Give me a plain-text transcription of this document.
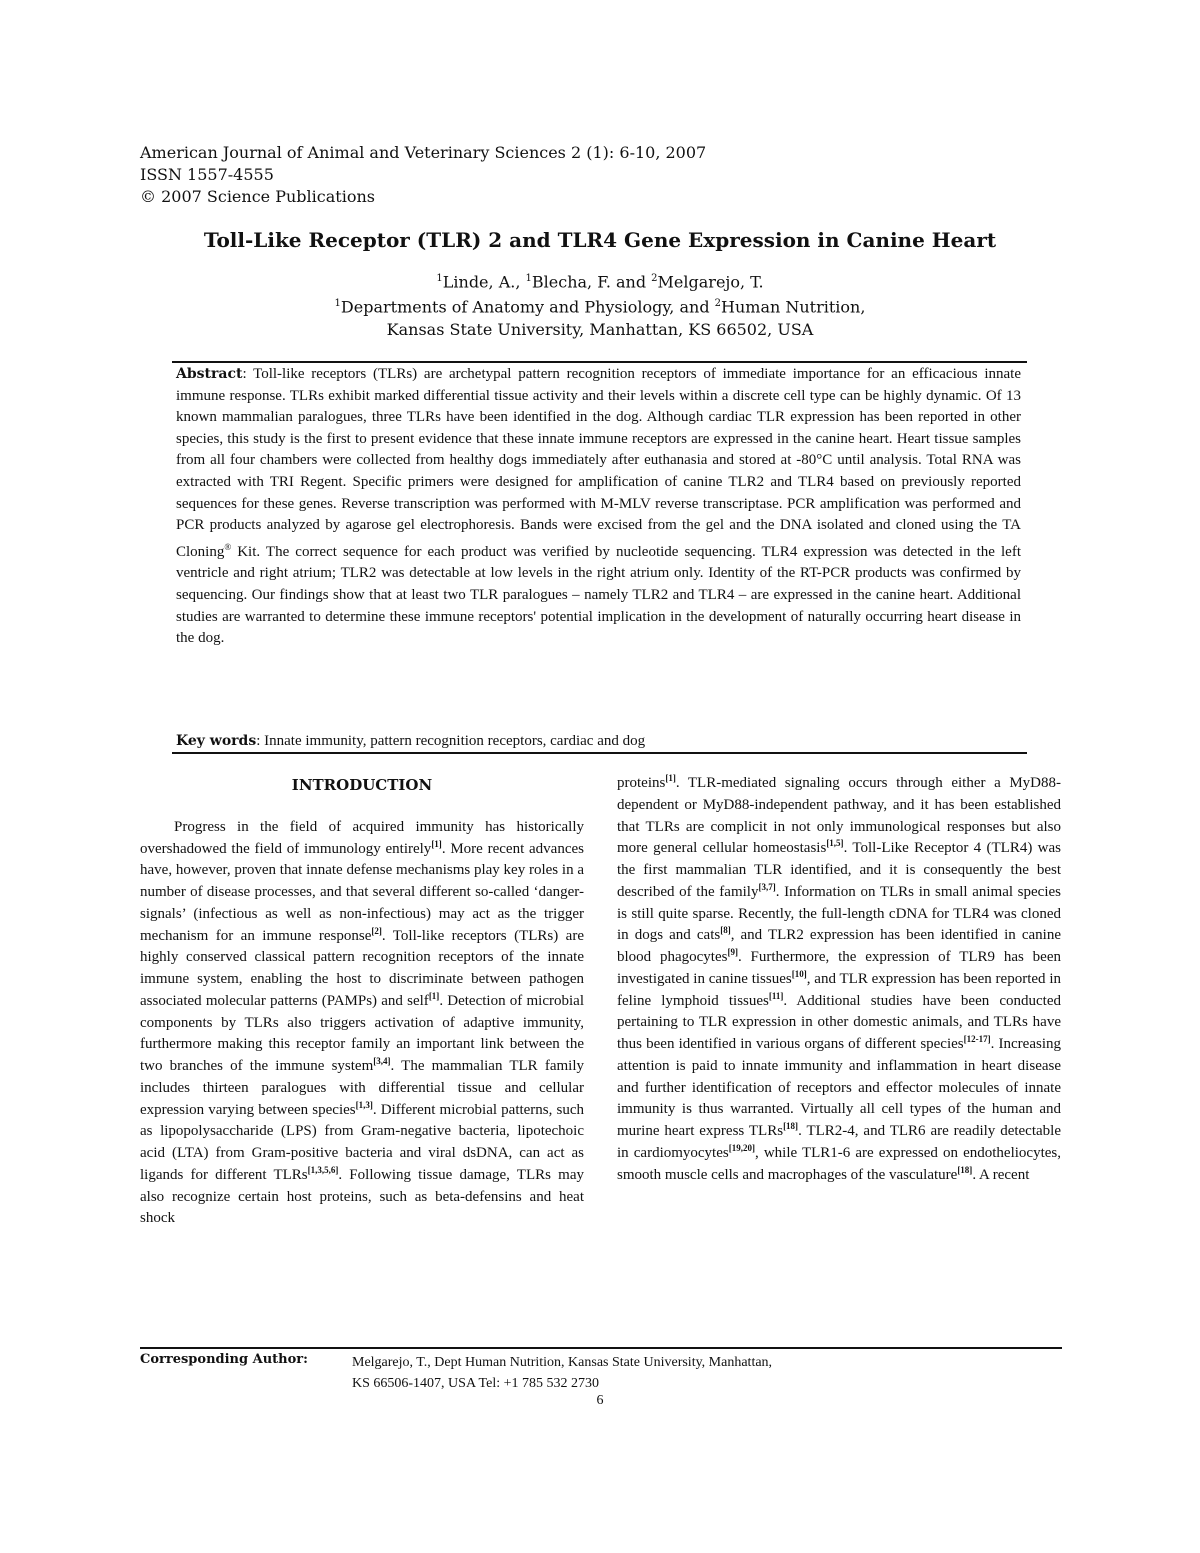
American Journal of Animal and Veterinary Sciences 2 (1): 6-10, 2007
ISSN 1557-4555
© 2007 Science Publications
Toll-Like Receptor (TLR) 2 and TLR4 Gene Expression in Canine Heart
$^1$Linde, A., $^1$Blecha, F. and $^2$Melgarejo, T.
$^1$Departments of Anatomy and Physiology, and $^2$Human Nutrition,
Kansas State University, Manhattan, KS 66502, USA
Abstract: Toll-like receptors (TLRs) are archetypal pattern recognition receptors of immediate importance for an efficacious innate immune response. TLRs exhibit marked differential tissue activity and their levels within a discrete cell type can be highly dynamic. Of 13 known mammalian paralogues, three TLRs have been identified in the dog. Although cardiac TLR expression has been reported in other species, this study is the first to present evidence that these innate immune receptors are expressed in the canine heart. Heart tissue samples from all four chambers were collected from healthy dogs immediately after euthanasia and stored at -80°C until analysis. Total RNA was extracted with TRI Regent. Specific primers were designed for amplification of canine TLR2 and TLR4 based on previously reported sequences for these genes. Reverse transcription was performed with M-MLV reverse transcriptase. PCR amplification was performed and PCR products analyzed by agarose gel electrophoresis. Bands were excised from the gel and the DNA isolated and cloned using the TA Cloning® Kit. The correct sequence for each product was verified by nucleotide sequencing. TLR4 expression was detected in the left ventricle and right atrium; TLR2 was detectable at low levels in the right atrium only. Identity of the RT-PCR products was confirmed by sequencing. Our findings show that at least two TLR paralogues – namely TLR2 and TLR4 – are expressed in the canine heart. Additional studies are warranted to determine these immune receptors' potential implication in the development of naturally occurring heart disease in the dog.
Key words: Innate immunity, pattern recognition receptors, cardiac and dog
INTRODUCTION

Progress in the field of acquired immunity has historically overshadowed the field of immunology entirely[1]. More recent advances have, however, proven that innate defense mechanisms play key roles in a number of disease processes, and that several different so-called ‘danger-signals’ (infectious as well as non-infectious) may act as the trigger mechanism for an immune response[2]. Toll-like receptors (TLRs) are highly conserved classical pattern recognition receptors of the innate immune system, enabling the host to discriminate between pathogen associated molecular patterns (PAMPs) and self[1]. Detection of microbial components by TLRs also triggers activation of adaptive immunity, furthermore making this receptor family an important link between the two branches of the immune system[3,4]. The mammalian TLR family includes thirteen paralogues with differential tissue and cellular expression varying between species[1,3]. Different microbial patterns, such as lipopolysaccharide (LPS) from Gram-negative bacteria, lipotechoic acid (LTA) from Gram-positive bacteria and viral dsDNA, can act as ligands for different TLRs[1,3,5,6]. Following tissue damage, TLRs may also recognize certain host proteins, such as beta-defensins and heat shock

proteins[1]. TLR-mediated signaling occurs through either a MyD88-dependent or MyD88-independent pathway, and it has been established that TLRs are complicit in not only immunological responses but also more general cellular homeostasis[1,5]. Toll-Like Receptor 4 (TLR4) was the first mammalian TLR identified, and it is consequently the best described of the family[3,7]. Information on TLRs in small animal species is still quite sparse. Recently, the full-length cDNA for TLR4 was cloned in dogs and cats[8], and TLR2 expression has been identified in canine blood phagocytes[9]. Furthermore, the expression of TLR9 has been investigated in canine tissues[10], and TLR expression has been reported in feline lymphoid tissues[11]. Additional studies have been conducted pertaining to TLR expression in other domestic animals, and TLRs have thus been identified in various organs of different species[12-17]. Increasing attention is paid to innate immunity and inflammation in heart disease and further identification of receptors and effector molecules of innate immunity is thus warranted. Virtually all cell types of the human and murine heart express TLRs[18]. TLR2-4, and TLR6 are readily detectable in cardiomyocytes[19,20], while TLR1-6 are expressed on endotheliocytes, smooth muscle cells and macrophages of the vasculature[18]. A recent

Corresponding Author:	Melgarejo, T., Dept Human Nutrition, Kansas State University, Manhattan,
KS 66506-1407, USA Tel: +1 785 532 2730
6
